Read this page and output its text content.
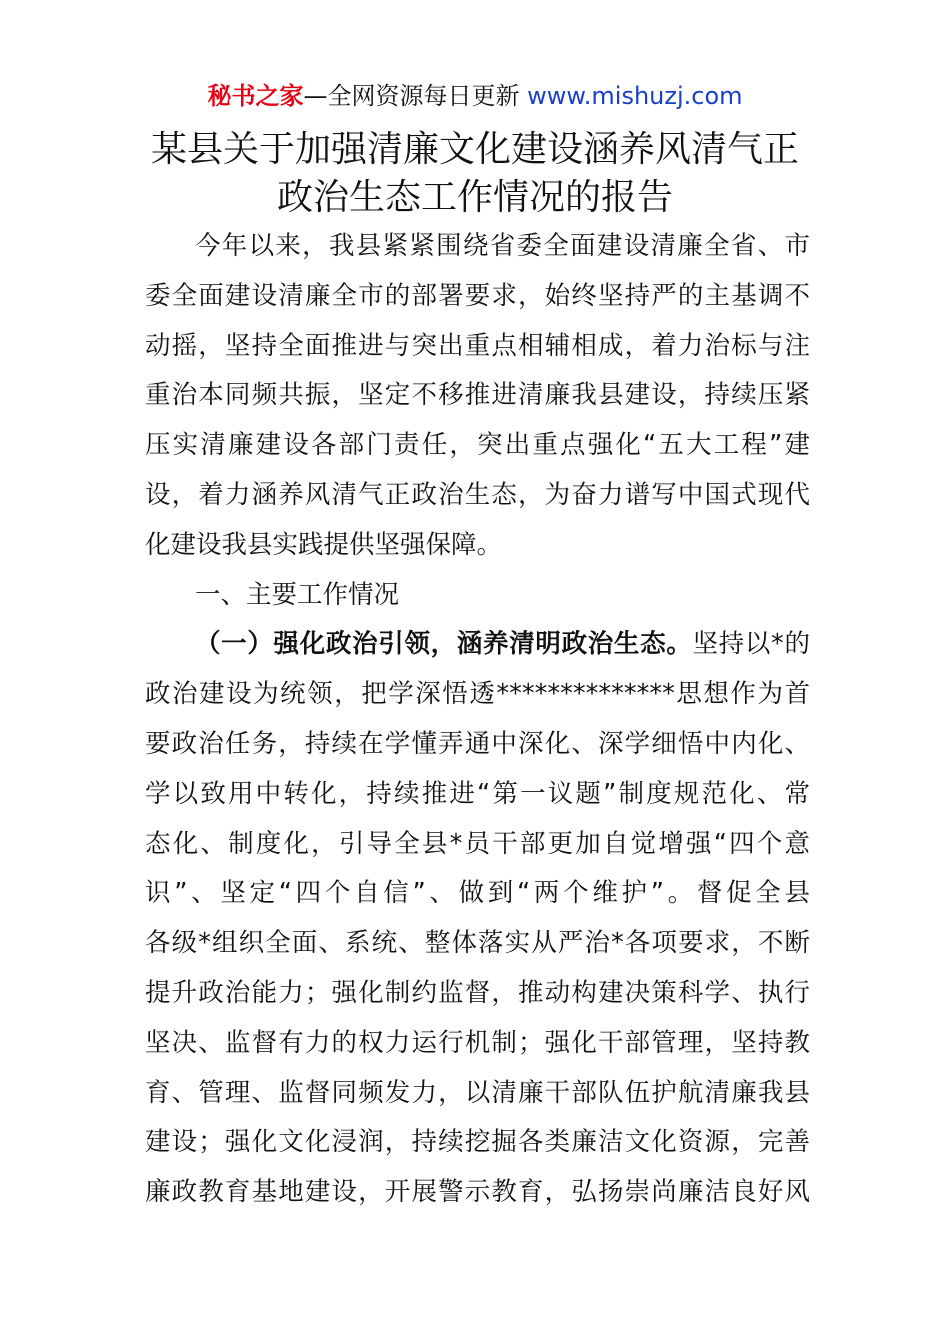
秘书之家—全网资源每日更新 www.mishuzj.com
某县关于加强清廉文化建设涵养风清气正
政治生态工作情况的报告
今年以来，我县紧紧围绕省委全面建设清廉全省、市
委全面建设清廉全市的部署要求，始终坚持严的主基调不
动摇，坚持全面推进与突出重点相辅相成，着力治标与注
重治本同频共振，坚定不移推进清廉我县建设，持续压紧
压实清廉建设各部门责任，突出重点强化“五大工程”建
设，着力涵养风清气正政治生态，为奋力谱写中国式现代
化建设我县实践提供坚强保障。
一、主要工作情况
（一）强化政治引领，涵养清明政治生态。坚持以*的
政治建设为统领，把学深悟透**************思想作为首
要政治任务，持续在学懂弄通中深化、深学细悟中内化、
学以致用中转化，持续推进“第一议题”制度规范化、常
态化、制度化，引导全县*员干部更加自觉增强“四个意
识”、坚定“四个自信”、做到“两个维护”。督促全县
各级*组织全面、系统、整体落实从严治*各项要求，不断
提升政治能力；强化制约监督，推动构建决策科学、执行
坚决、监督有力的权力运行机制；强化干部管理，坚持教
育、管理、监督同频发力，以清廉干部队伍护航清廉我县
建设；强化文化浸润，持续挖掘各类廉洁文化资源，完善
廉政教育基地建设，开展警示教育，弘扬崇尚廉洁良好风
